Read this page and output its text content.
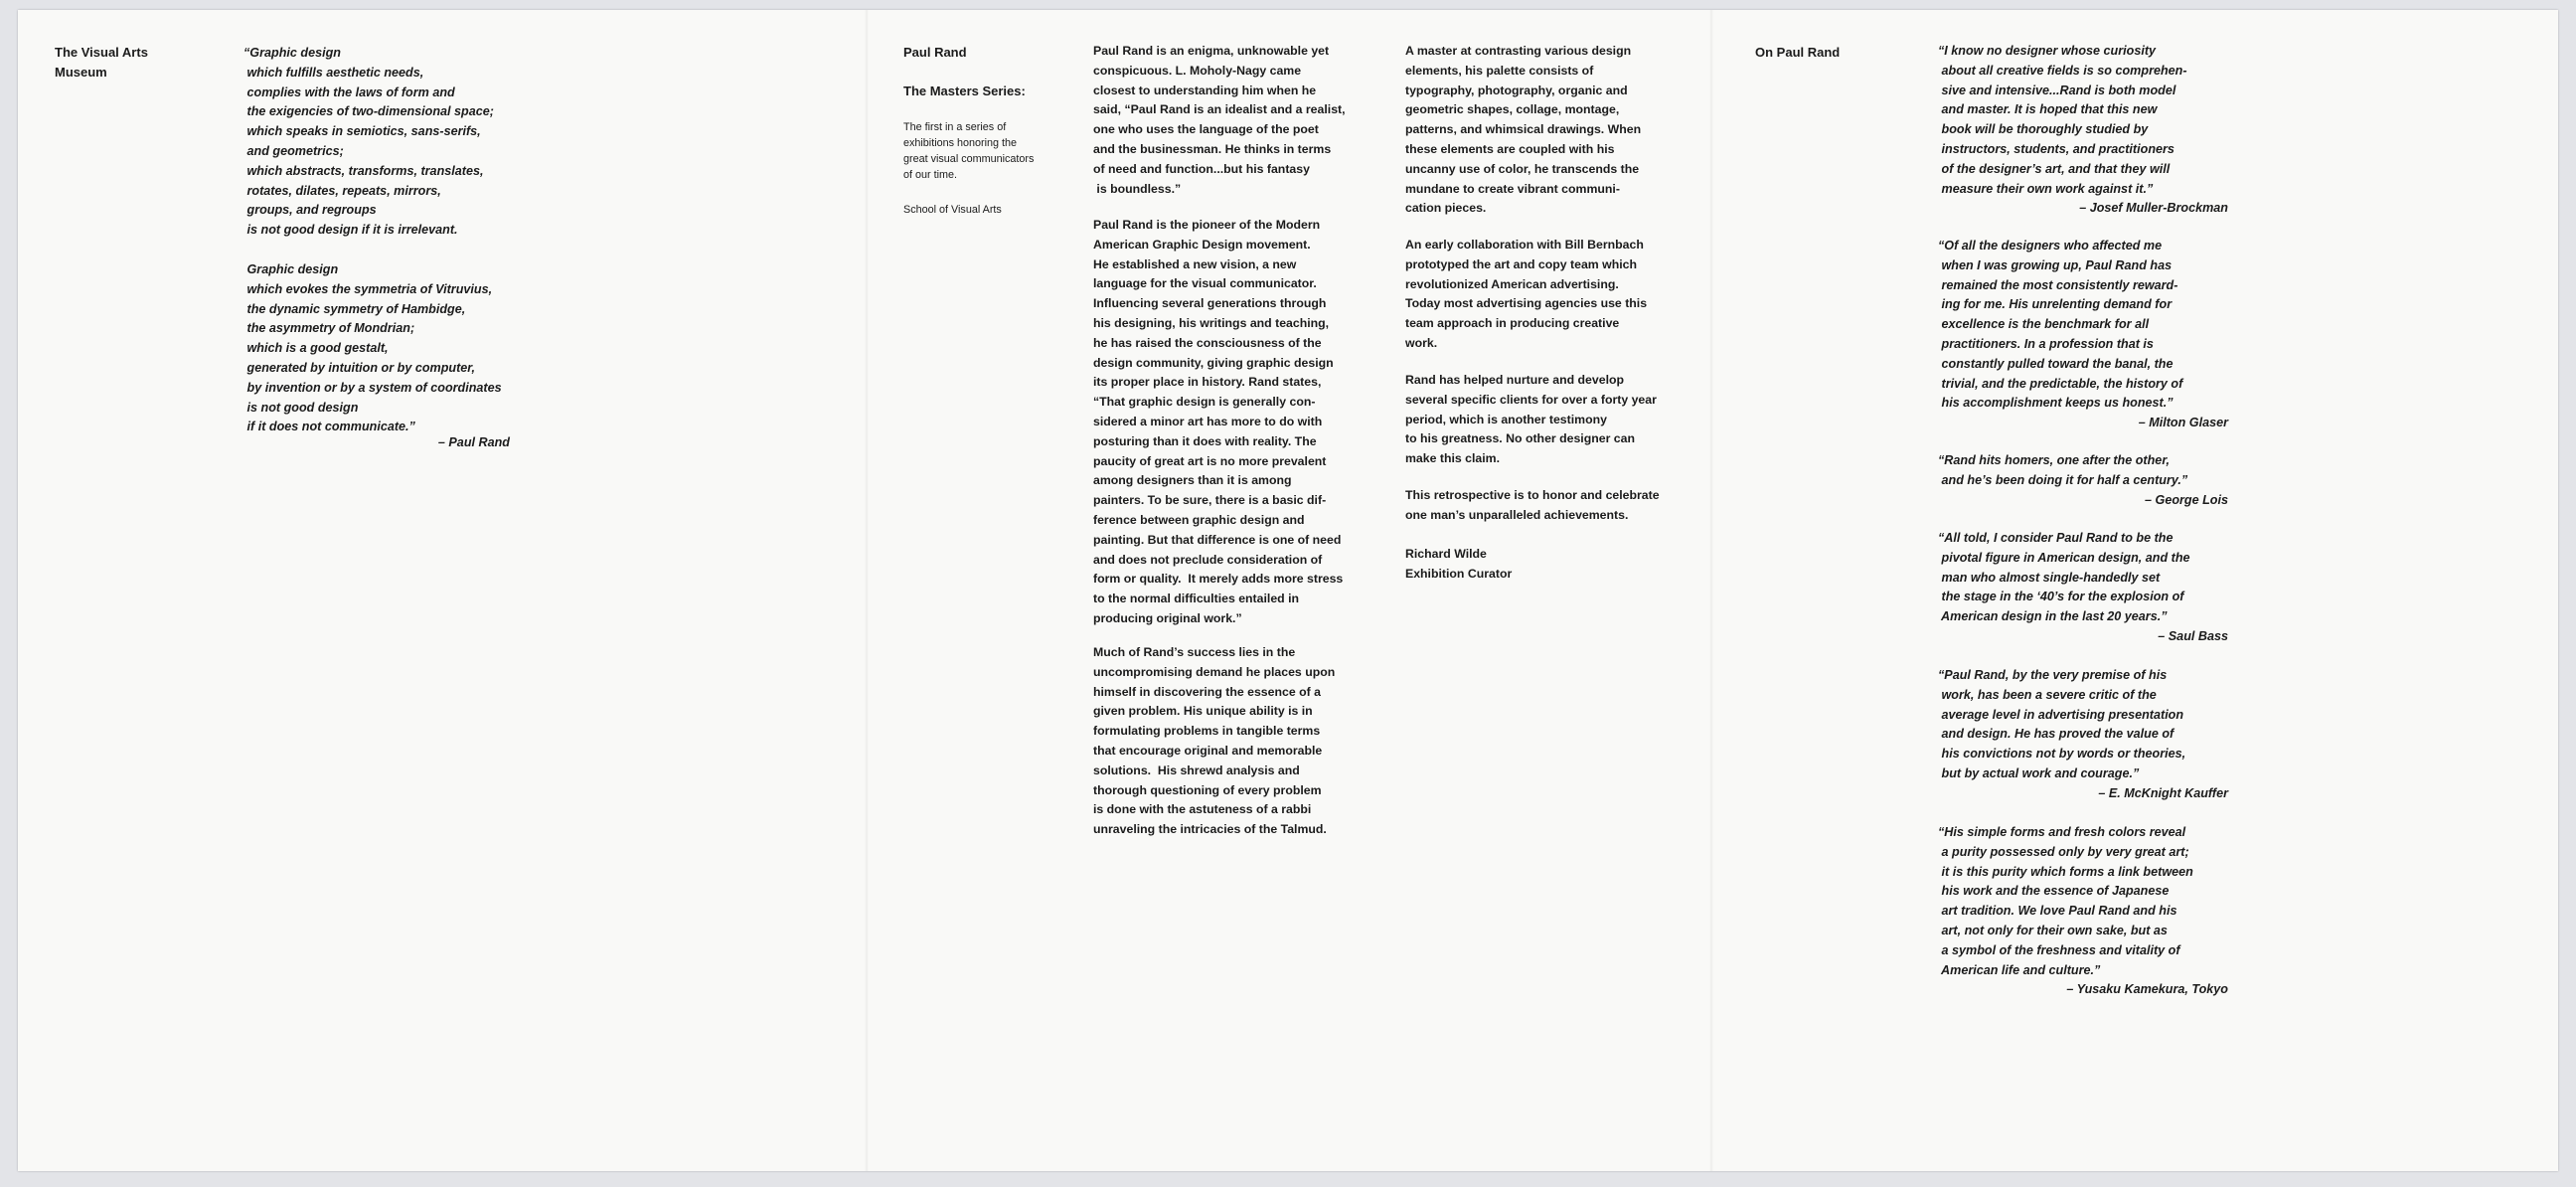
The Visual Arts
Museum
“Graphic design
which fulfills aesthetic needs,
complies with the laws of form and
the exigencies of two-dimensional space;
which speaks in semiotics, sans-serifs,
and geometrics;
which abstracts, transforms, translates,
rotates, dilates, repeats, mirrors,
groups, and regroups
is not good design if it is irrelevant.
Graphic design
which evokes the symmetria of Vitruvius,
the dynamic symmetry of Hambidge,
the asymmetry of Mondrian;
which is a good gestalt,
generated by intuition or by computer,
by invention or by a system of coordinates
is not good design
if it does not communicate.”
– Paul Rand
Paul Rand
The Masters Series:
The first in a series of
exhibitions honoring the
great visual communicators
of our time.
School of Visual Arts
Paul Rand is an enigma, unknowable yet
conspicuous. L. Moholy-Nagy came
closest to understanding him when he
said, “Paul Rand is an idealist and a realist,
one who uses the language of the poet
and the businessman. He thinks in terms
of need and function...but his fantasy
is boundless.”
Paul Rand is the pioneer of the Modern
American Graphic Design movement.
He established a new vision, a new
language for the visual communicator.
Influencing several generations through
his designing, his writings and teaching,
he has raised the consciousness of the
design community, giving graphic design
its proper place in history. Rand states,
“That graphic design is generally con-
sidered a minor art has more to do with
posturing than it does with reality. The
paucity of great art is no more prevalent
among designers than it is among
painters. To be sure, there is a basic dif-
ference between graphic design and
painting. But that difference is one of need
and does not preclude consideration of
form or quality.  It merely adds more stress
to the normal difficulties entailed in
producing original work.”
Much of Rand’s success lies in the
uncompromising demand he places upon
himself in discovering the essence of a
given problem. His unique ability is in
formulating problems in tangible terms
that encourage original and memorable
solutions.  His shrewd analysis and
thorough questioning of every problem
is done with the astuteness of a rabbi
unraveling the intricacies of the Talmud.
A master at contrasting various design
elements, his palette consists of
typography, photography, organic and
geometric shapes, collage, montage,
patterns, and whimsical drawings. When
these elements are coupled with his
uncanny use of color, he transcends the
mundane to create vibrant communi-
cation pieces.
An early collaboration with Bill Bernbach
prototyped the art and copy team which
revolutionized American advertising.
Today most advertising agencies use this
team approach in producing creative
work.
Rand has helped nurture and develop
several specific clients for over a forty year
period, which is another testimony
to his greatness. No other designer can
make this claim.
This retrospective is to honor and celebrate
one man’s unparalleled achievements.
Richard Wilde
Exhibition Curator
On Paul Rand	“I know no designer whose curiosity
about all creative fields is so comprehen-
sive and intensive...Rand is both model
and master. It is hoped that this new
book will be thoroughly studied by
instructors, students, and practitioners
of the designer’s art, and that they will
measure their own work against it.”
– Josef Muller-Brockman
“Of all the designers who affected me
when I was growing up, Paul Rand has
remained the most consistently reward-
ing for me. His unrelenting demand for
excellence is the benchmark for all
practitioners. In a profession that is
constantly pulled toward the banal, the
trivial, and the predictable, the history of
his accomplishment keeps us honest.”
– Milton Glaser
“Rand hits homers, one after the other,
and he’s been doing it for half a century.”
– George Lois
“All told, I consider Paul Rand to be the
pivotal figure in American design, and the
man who almost single-handedly set
the stage in the ‘40’s for the explosion of
American design in the last 20 years.”
– Saul Bass
“Paul Rand, by the very premise of his
work, has been a severe critic of the
average level in advertising presentation
and design. He has proved the value of
his convictions not by words or theories,
but by actual work and courage.”
– E. McKnight Kauffer
“His simple forms and fresh colors reveal
a purity possessed only by very great art;
it is this purity which forms a link between
his work and the essence of Japanese
art tradition. We love Paul Rand and his
art, not only for their own sake, but as
a symbol of the freshness and vitality of
American life and culture.”
– Yusaku Kamekura, Tokyo
